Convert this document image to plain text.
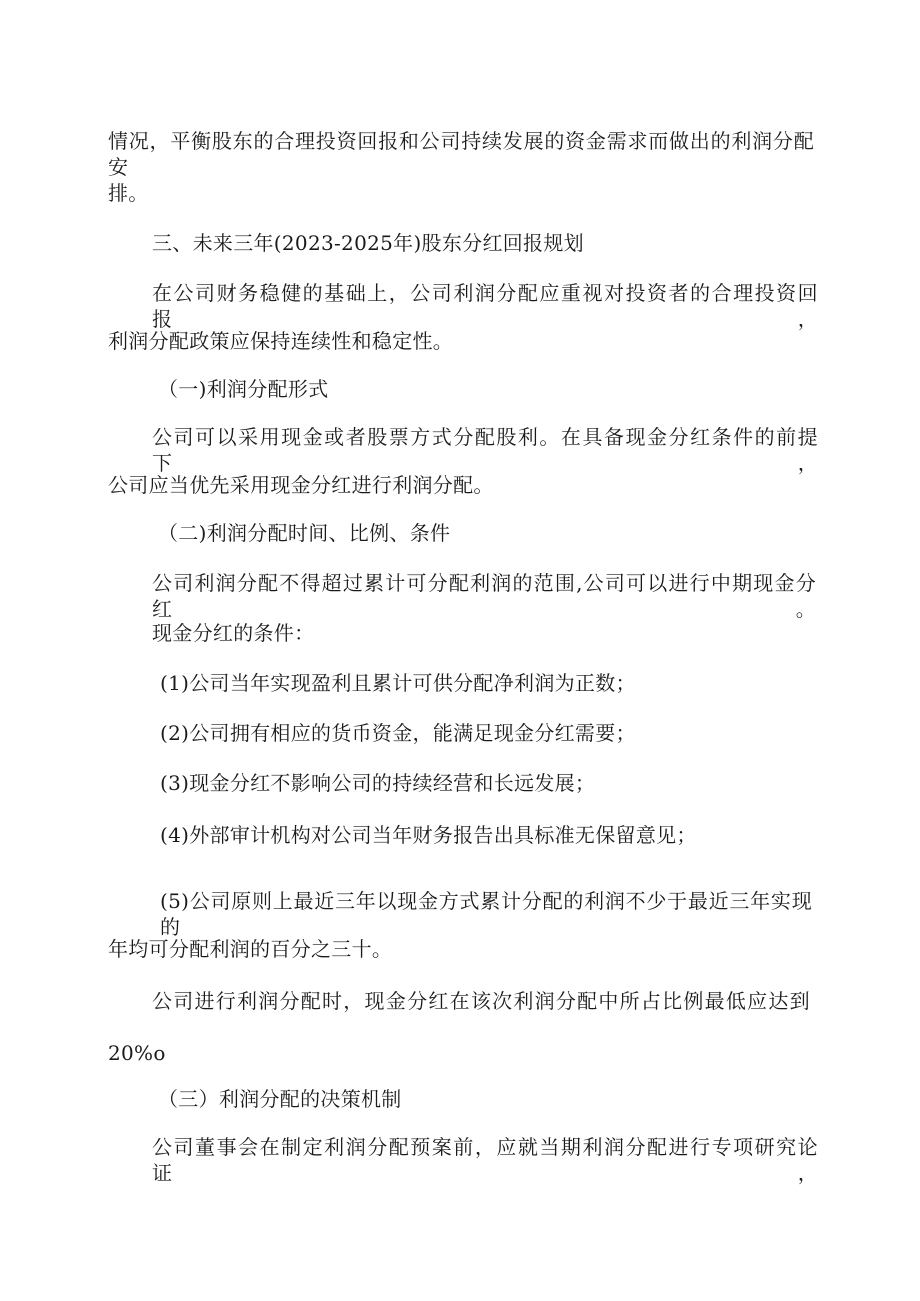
情况，平衡股东的合理投资回报和公司持续发展的资金需求而做出的利润分配安
排。
三、未来三年(2023-2025年)股东分红回报规划
在公司财务稳健的基础上，公司利润分配应重视对投资者的合理投资回报，
利润分配政策应保持连续性和稳定性。
（一)利润分配形式
公司可以采用现金或者股票方式分配股利。在具备现金分红条件的前提下，
公司应当优先采用现金分红进行利润分配。
（二)利润分配时间、比例、条件
公司利润分配不得超过累计可分配利润的范围,公司可以进行中期现金分红。
现金分红的条件：
(1)公司当年实现盈利且累计可供分配净利润为正数；
(2)公司拥有相应的货币资金，能满足现金分红需要；
(3)现金分红不影响公司的持续经营和长远发展；
(4)外部审计机构对公司当年财务报告出具标准无保留意见；
(5)公司原则上最近三年以现金方式累计分配的利润不少于最近三年实现的
年均可分配利润的百分之三十。
公司进行利润分配时，现金分红在该次利润分配中所占比例最低应达到
20%o
（三）利润分配的决策机制
公司董事会在制定利润分配预案前，应就当期利润分配进行专项研究论证，
